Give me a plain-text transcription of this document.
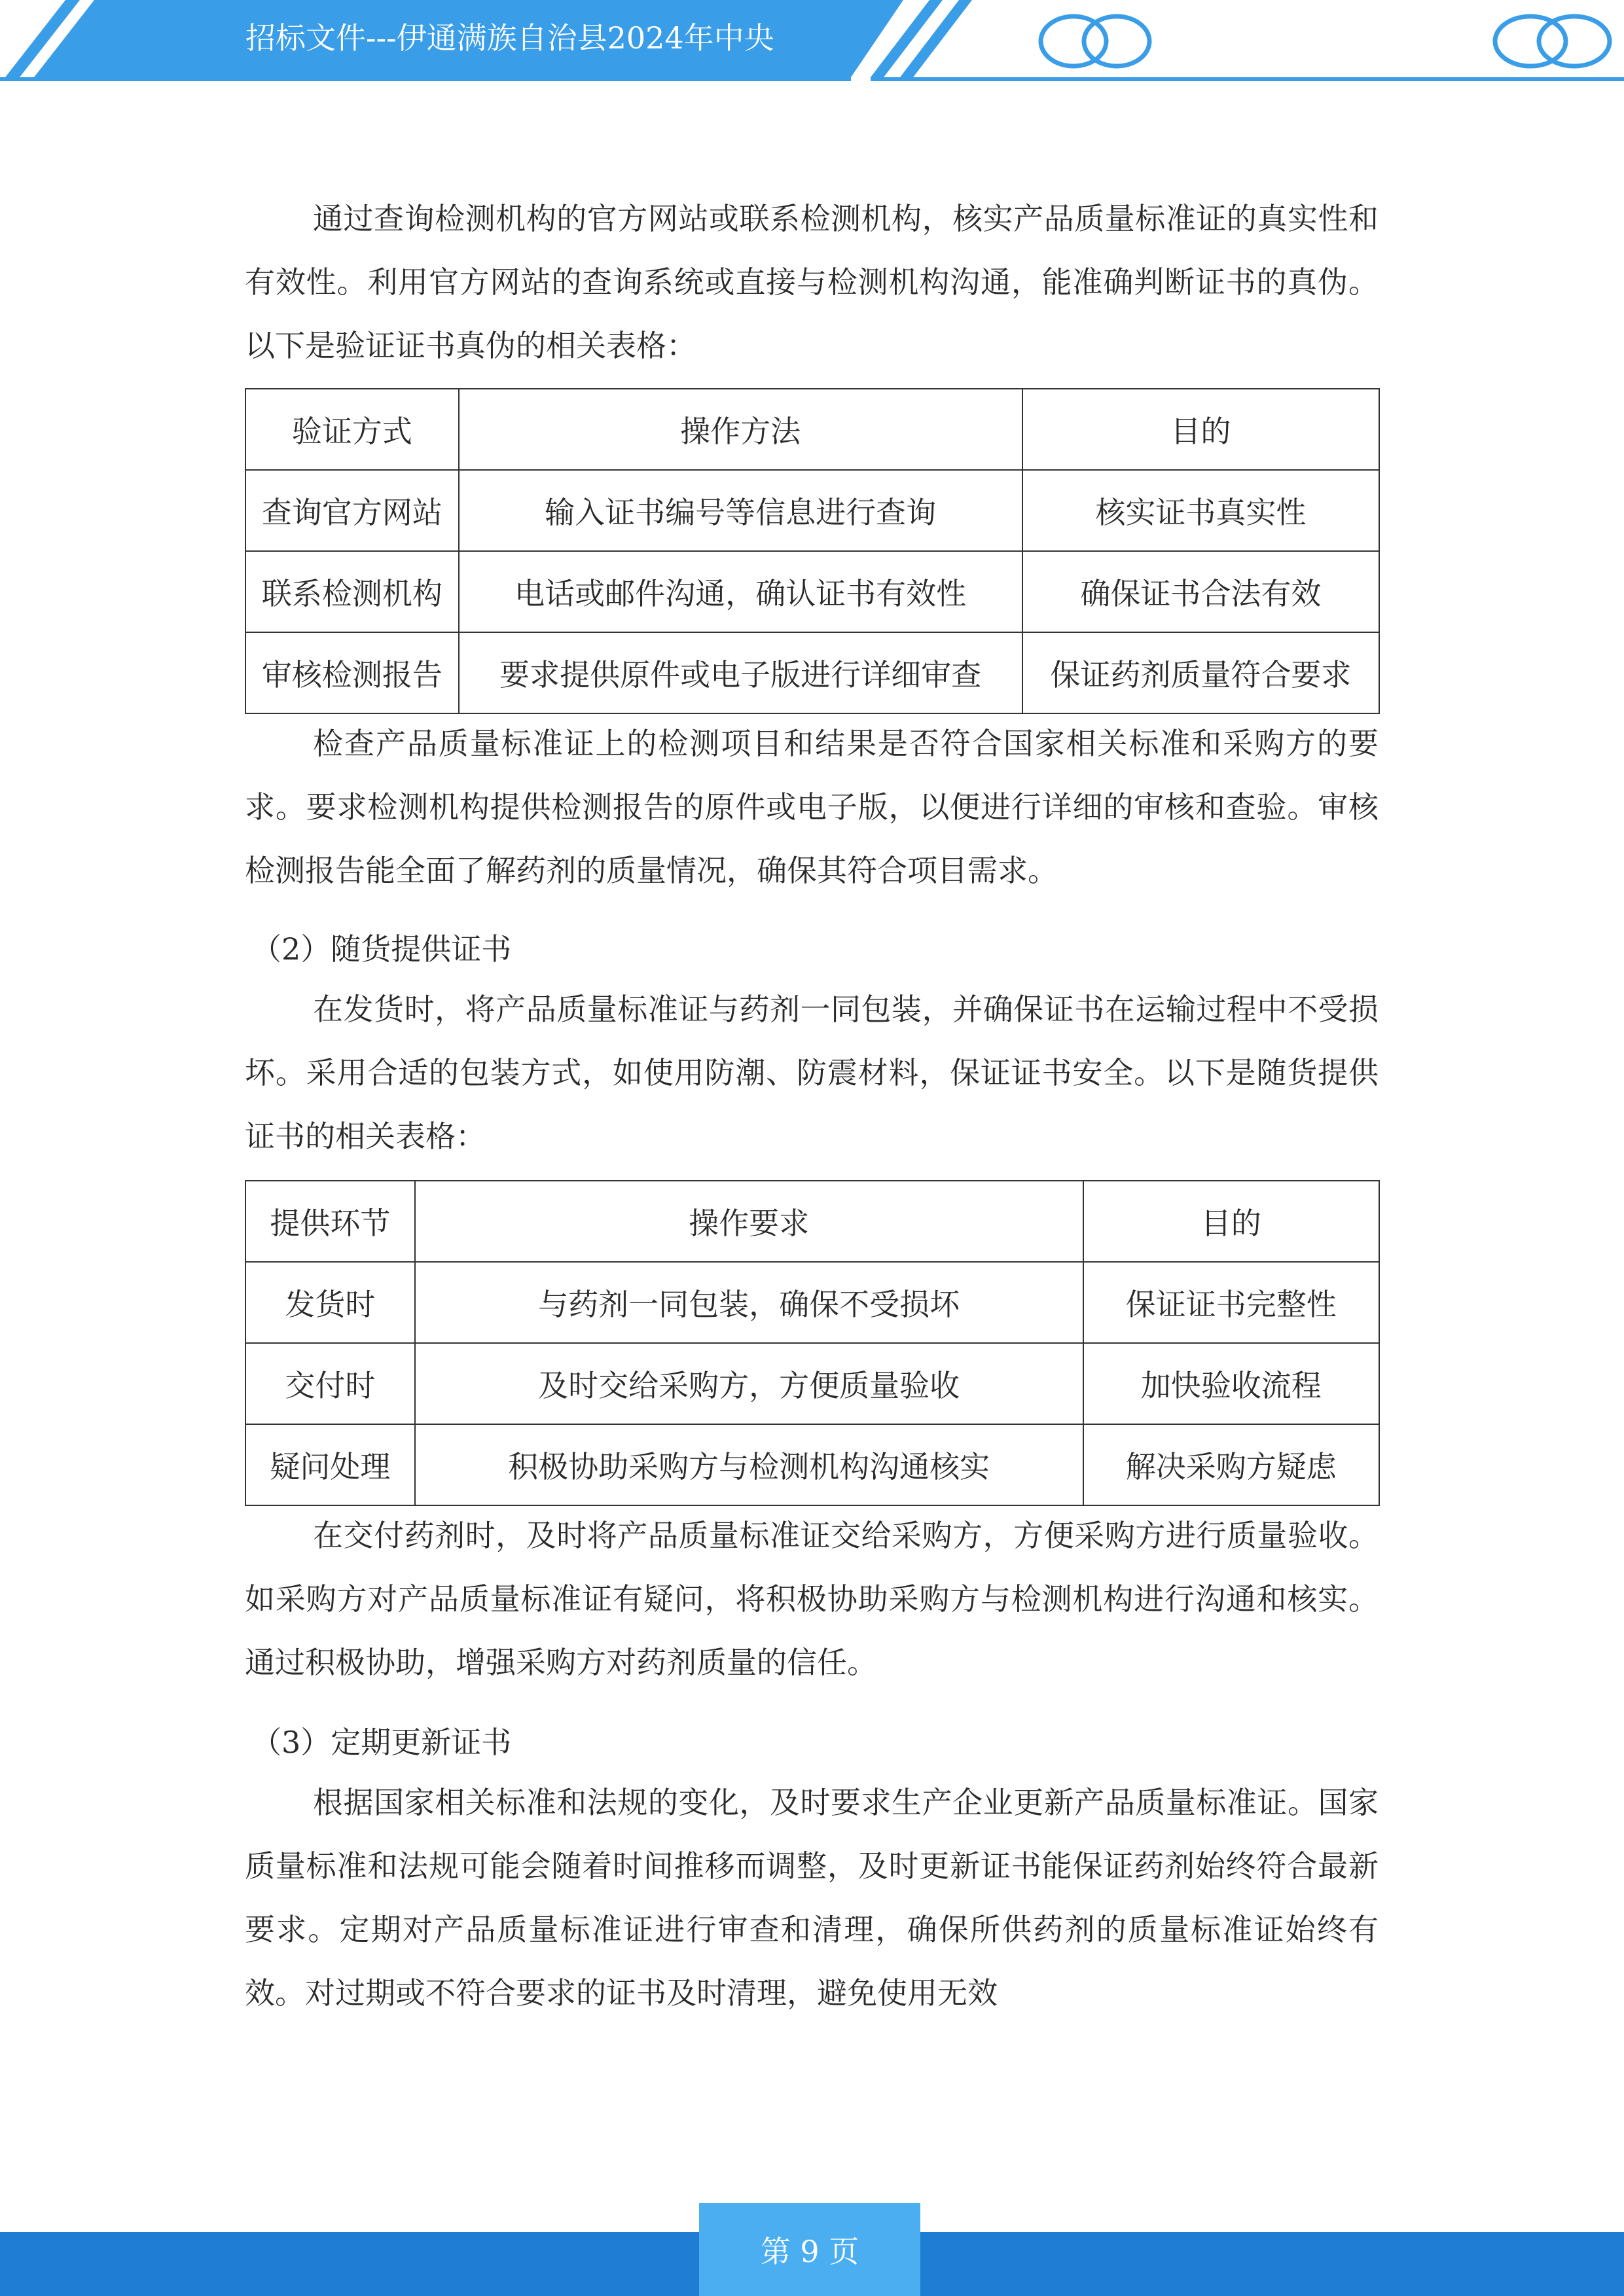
招标文件---伊通满族自治县2024年中央

通过查询检测机构的官方网站或联系检测机构，核实产品质量标准证的真实性和有效性。利用官方网站的查询系统或直接与检测机构沟通，能准确判断证书的真伪。以下是验证证书真伪的相关表格：

验证方式	操作方法	目的
查询官方网站	输入证书编号等信息进行查询	核实证书真实性
联系检测机构	电话或邮件沟通，确认证书有效性	确保证书合法有效
审核检测报告	要求提供原件或电子版进行详细审查	保证药剂质量符合要求

检查产品质量标准证上的检测项目和结果是否符合国家相关标准和采购方的要求。要求检测机构提供检测报告的原件或电子版，以便进行详细的审核和查验。审核检测报告能全面了解药剂的质量情况，确保其符合项目需求。

（2）随货提供证书

在发货时，将产品质量标准证与药剂一同包装，并确保证书在运输过程中不受损坏。采用合适的包装方式，如使用防潮、防震材料，保证证书安全。以下是随货提供证书的相关表格：

提供环节	操作要求	目的
发货时	与药剂一同包装，确保不受损坏	保证证书完整性
交付时	及时交给采购方，方便质量验收	加快验收流程
疑问处理	积极协助采购方与检测机构沟通核实	解决采购方疑虑

在交付药剂时，及时将产品质量标准证交给采购方，方便采购方进行质量验收。如采购方对产品质量标准证有疑问，将积极协助采购方与检测机构进行沟通和核实。通过积极协助，增强采购方对药剂质量的信任。

（3）定期更新证书

根据国家相关标准和法规的变化，及时要求生产企业更新产品质量标准证。国家质量标准和法规可能会随着时间推移而调整，及时更新证书能保证药剂始终符合最新要求。定期对产品质量标准证进行审查和清理，确保所供药剂的质量标准证始终有效。对过期或不符合要求的证书及时清理，避免使用无效

第 9 页
